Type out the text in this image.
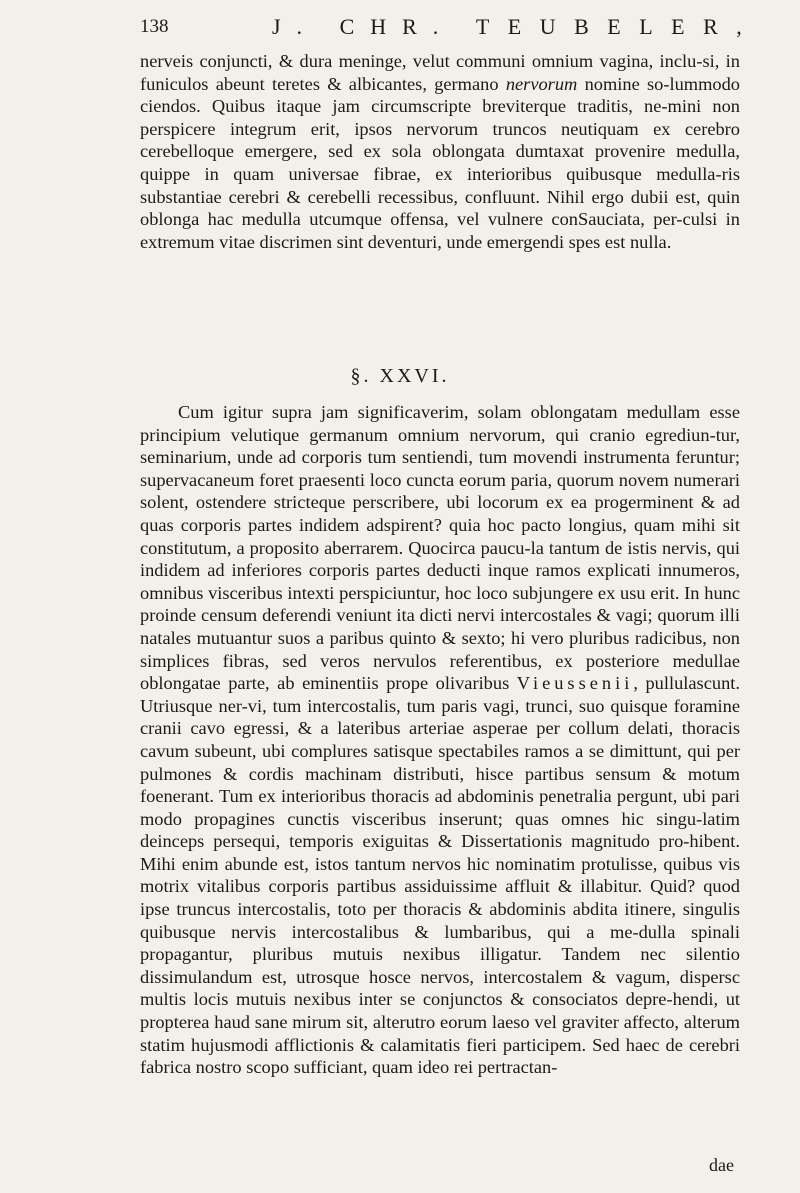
138	J. CHR. TEUBELER,
nerveis conjuncti, & dura meninge, velut communi omnium vagina, inclu-si, in funiculos abeunt teretes & albicantes, germano nervorum nomine so-lummodo ciendos. Quibus itaque jam circumscripte breviterque traditis, ne-mini non perspicere integrum erit, ipsos nervorum truncos neutiquam ex cerebro cerebelloque emergere, sed ex sola oblongata dumtaxat provenire medulla, quippe in quam universae fibrae, ex interioribus quibusque medulla-ris substantiae cerebri & cerebelli recessibus, confluunt. Nihil ergo dubii est, quin oblonga hac medulla utcumque offensa, vel vulnere conSauciata, per-culsi in extremum vitae discrimen sint deventuri, unde emergendi spes est nulla.
§. XXVI.
Cum igitur supra jam significaverim, solam oblongatam medullam esse principium velutique germanum omnium nervorum, qui cranio egrediun-tur, seminarium, unde ad corporis tum sentiendi, tum movendi instrumenta feruntur; supervacaneum foret praesenti loco cuncta eorum paria, quorum novem numerari solent, ostendere stricteque perscribere, ubi locorum ex ea progerminent & ad quas corporis partes indidem adspirent? quia hoc pacto longius, quam mihi sit constitutum, a proposito aberrarem. Quocirca paucu-la tantum de istis nervis, qui indidem ad inferiores corporis partes deducti inque ramos explicati innumeros, omnibus visceribus intexti perspiciuntur, hoc loco subjungere ex usu erit. In hunc proinde censum deferendi veniunt ita dicti nervi intercostales & vagi; quorum illi natales mutuantur suos a paribus quinto & sexto; hi vero pluribus radicibus, non simplices fibras, sed veros nervulos referentibus, ex posteriore medullae oblongatae parte, ab eminentiis prope olivaribus Vieussenii, pullulascunt. Utriusque ner-vi, tum intercostalis, tum paris vagi, trunci, suo quisque foramine cranii cavo egressi, & a lateribus arteriae asperae per collum delati, thoracis cavum subeunt, ubi complures satisque spectabiles ramos a se dimittunt, qui per pulmones & cordis machinam distributi, hisce partibus sensum & motum foenerant. Tum ex interioribus thoracis ad abdominis penetralia pergunt, ubi pari modo propagines cunctis visceribus inserunt; quas omnes hic singu-latim deinceps persequi, temporis exiguitas & Dissertationis magnitudo pro-hibent. Mihi enim abunde est, istos tantum nervos hic nominatim protulisse, quibus vis motrix vitalibus corporis partibus assiduissime affluit & illabitur. Quid? quod ipse truncus intercostalis, toto per thoracis & abdominis abdita itinere, singulis quibusque nervis intercostalibus & lumbaribus, qui a me-dulla spinali propagantur, pluribus mutuis nexibus illigatur. Tandem nec silentio dissimulandum est, utrosque hosce nervos, intercostalem & vagum, dispersc multis locis mutuis nexibus inter se conjunctos & consociatos depre-hendi, ut propterea haud sane mirum sit, alterutro eorum laeso vel graviter affecto, alterum statim hujusmodi afflictionis & calamitatis fieri participem. Sed haec de cerebri fabrica nostro scopo sufficiant, quam ideo rei pertractan-
dae
